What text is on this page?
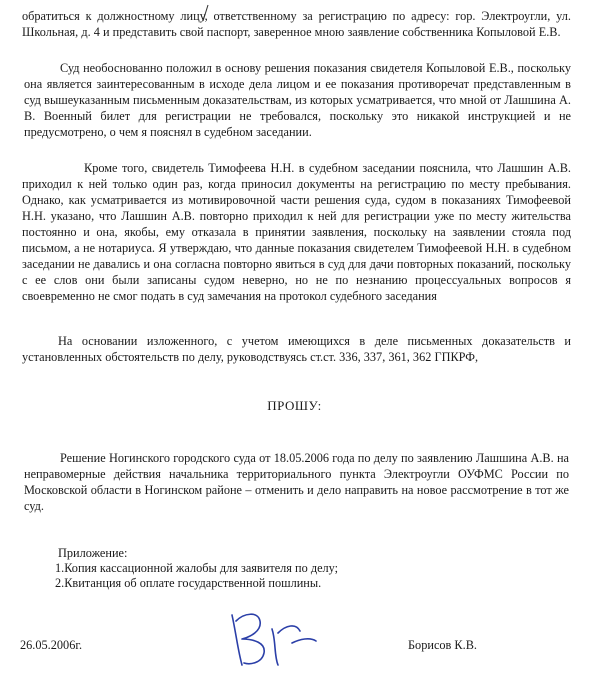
обратиться к должностному лицу, ответственному за регистрацию по адресу: гор. Электроугли, ул. Школьная, д. 4 и представить свой паспорт, заверенное мною заявление собственника Копыловой Е.В.

Суд необоснованно положил в основу решения показания свидетеля Копыловой Е.В., поскольку она является заинтересованным в исходе дела лицом и ее показания противоречат представленным в суд вышеуказанным письменным доказательствам, из которых усматривается, что мной от Лашшина А. В. Военный билет для регистрации не требовался, поскольку это никакой инструкцией и не предусмотрено, о чем я пояснял в судебном заседании.

Кроме того, свидетель Тимофеева Н.Н. в судебном заседании пояснила, что Лашшин А.В. приходил к ней только один раз, когда приносил документы на регистрацию по месту пребывания. Однако, как усматривается из мотивировочной части решения суда, судом в показаниях Тимофеевой Н.Н. указано, что Лашшин А.В. повторно приходил к ней для регистрации уже по месту жительства постоянно и она, якобы, ему отказала в принятии заявления, поскольку на заявлении стояла под письмом, а не нотариуса. Я утверждаю, что данные показания свидетелем Тимофеевой Н.Н. в судебном заседании не давались и она согласна повторно явиться в суд для дачи повторных показаний, поскольку с ее слов они были записаны судом неверно, но не по незнанию процессуальных вопросов я своевременно не смог подать в суд замечания на протокол судебного заседания

На основании изложенного, с учетом имеющихся в деле письменных доказательств и установленных обстоятельств по делу, руководствуясь ст.ст. 336, 337, 361, 362 ГПКРФ,

ПРОШУ:

Решение Ногинского городского суда от 18.05.2006 года по делу по заявлению Лашшина А.В. на неправомерные действия начальника территориального пункта Электроугли ОУФМС России по Московской области в Ногинском районе – отменить и дело направить на новое рассмотрение в тот же суд.

Приложение:
1.Копия кассационной жалобы для заявителя по делу;
2.Квитанция об оплате государственной пошлины.
26.05.2006г.	Борисов К.В.
